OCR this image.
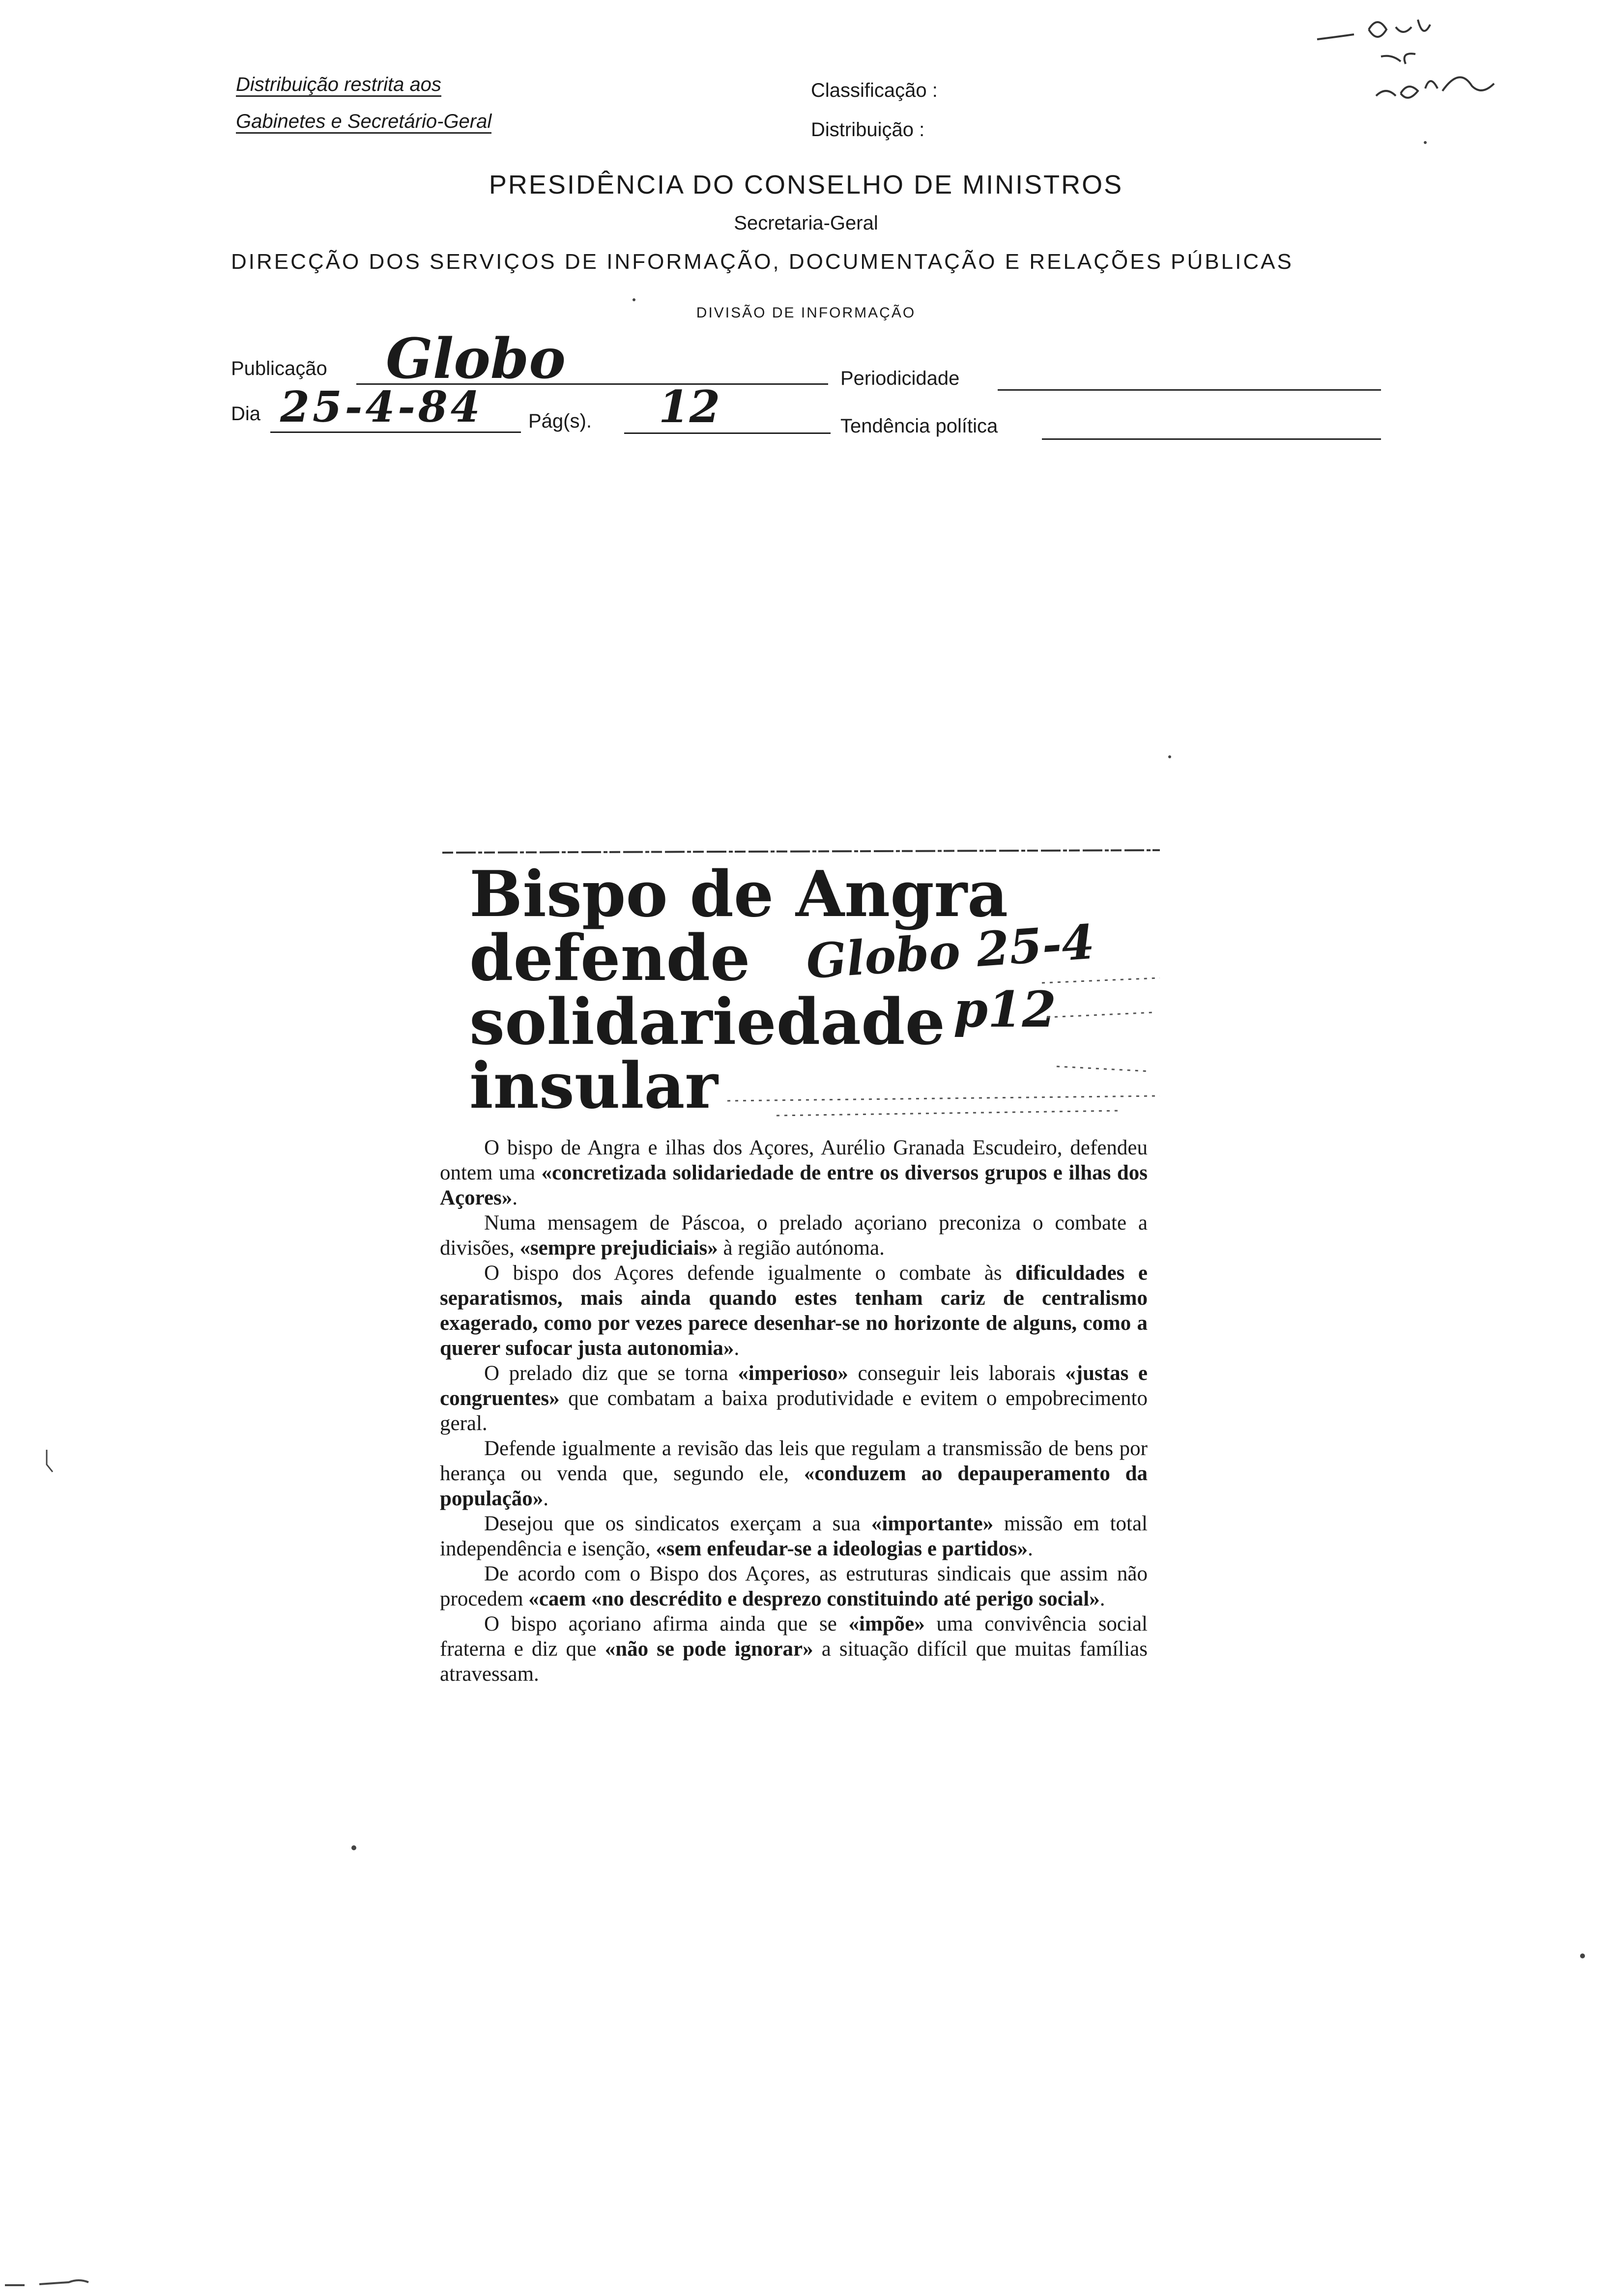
Distribuição restrita aos
Gabinetes e Secretário-Geral
Classificação :
Distribuição :
PRESIDÊNCIA DO CONSELHO DE MINISTROS
Secretaria-Geral
DIRECÇÃO DOS SERVIÇOS DE INFORMAÇÃO, DOCUMENTAÇÃO E RELAÇÕES PÚBLICAS
DIVISÃO DE INFORMAÇÃO
Publicação Globo	Periodicidade
Dia 25-4-84 Pág(s). 12	Tendência política
Bispo de Angra
defende
solidariedade
insular
Globo 25-4
p12

O bispo de Angra e ilhas dos Açores, Aurélio Granada Escudeiro, defendeu ontem uma «concretizada solidariedade de entre os diversos grupos e ilhas dos Açores».

Numa mensagem de Páscoa, o prelado açoriano preconiza o combate a divisões, «sempre prejudiciais» à região autónoma.

O bispo dos Açores defende igualmente o combate às dificuldades e separatismos, mais ainda quando estes tenham cariz de centralismo exagerado, como por vezes parece desenhar-se no horizonte de alguns, como a querer sufocar justa autonomia».

O prelado diz que se torna «imperioso» conseguir leis laborais «justas e congruentes» que combatam a baixa produtividade e evitem o empobrecimento geral.

Defende igualmente a revisão das leis que regulam a transmissão de bens por herança ou venda que, segundo ele, «conduzem ao depauperamento da população».

Desejou que os sindicatos exerçam a sua «importante» missão em total independência e isenção, «sem enfeudar-se a ideologias e partidos».

De acordo com o Bispo dos Açores, as estruturas sindicais que assim não procedem «caem «no descrédito e desprezo constituindo até perigo social».

O bispo açoriano afirma ainda que se «impõe» uma convivência social fraterna e diz que «não se pode ignorar» a situação difícil que muitas famílias atravessam.
